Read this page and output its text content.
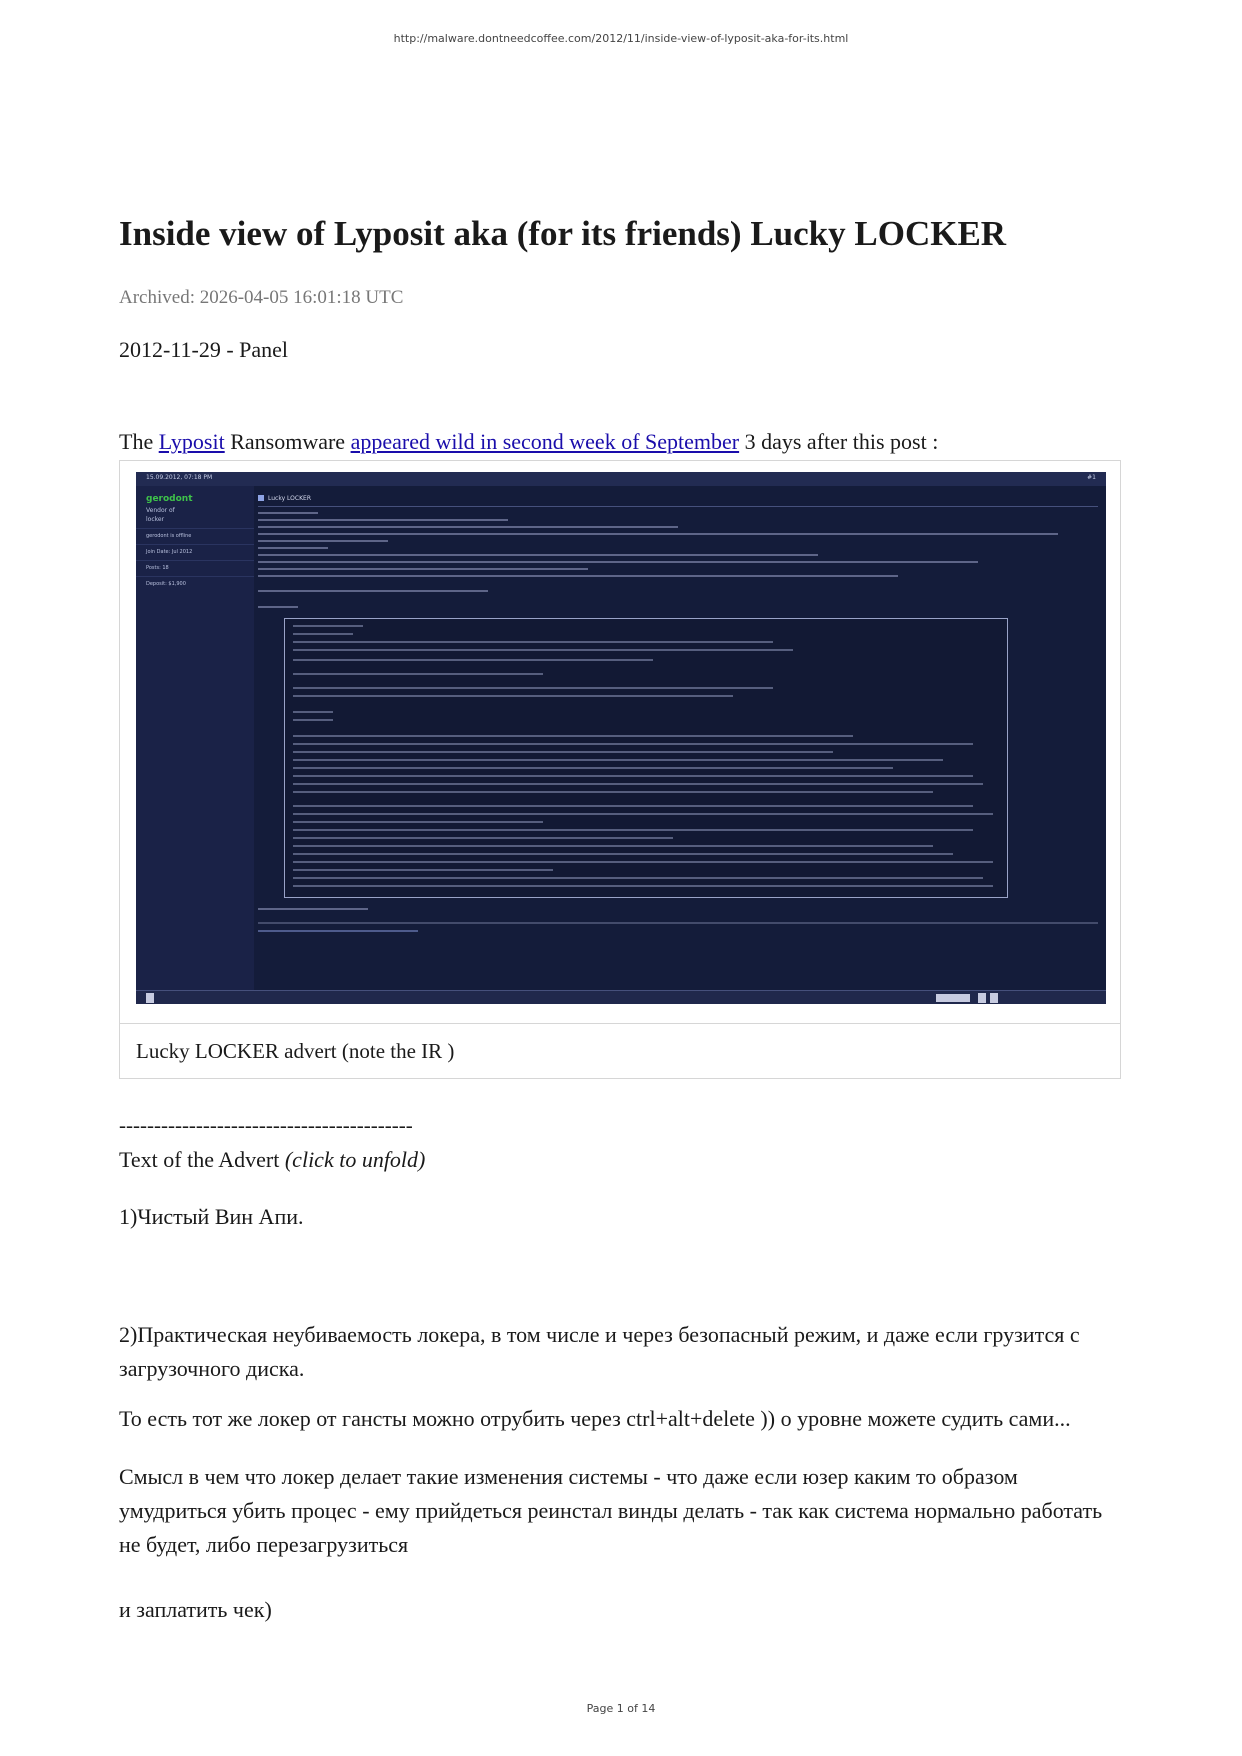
http://malware.dontneedcoffee.com/2012/11/inside-view-of-lyposit-aka-for-its.html
Inside view of Lyposit aka (for its friends) Lucky LOCKER
Archived: 2026-04-05 16:01:18 UTC
2012-11-29 - Panel
The Lyposit Ransomware appeared wild in second week of September 3 days after this post :
15.09.2012, 07:18 PM	#1
gerodont
Vendor of
locker
gerodont is offline
Join Date: Jul 2012
Posts: 18
Deposit: $1,900
Lucky LOCKER
Lucky LOCKER advert (note the IR )
------------------------------------------
Text of the Advert (click to unfold)
1)Чистый Вин Апи.
2)Практическая неубиваемость локера, в том числе и через безопасный режим, и даже если грузится с загрузочного диска.
То есть тот же локер от гансты можно отрубить через ctrl+alt+delete )) о уровне можете судить сами...
Смысл в чем что локер делает такие изменения системы - что даже если юзер каким то образом умудриться убить процес - ему прийдеться реинстал винды делать - так как система нормально работать не будет, либо перезагрузиться
и заплатить чек)
Page 1 of 14
